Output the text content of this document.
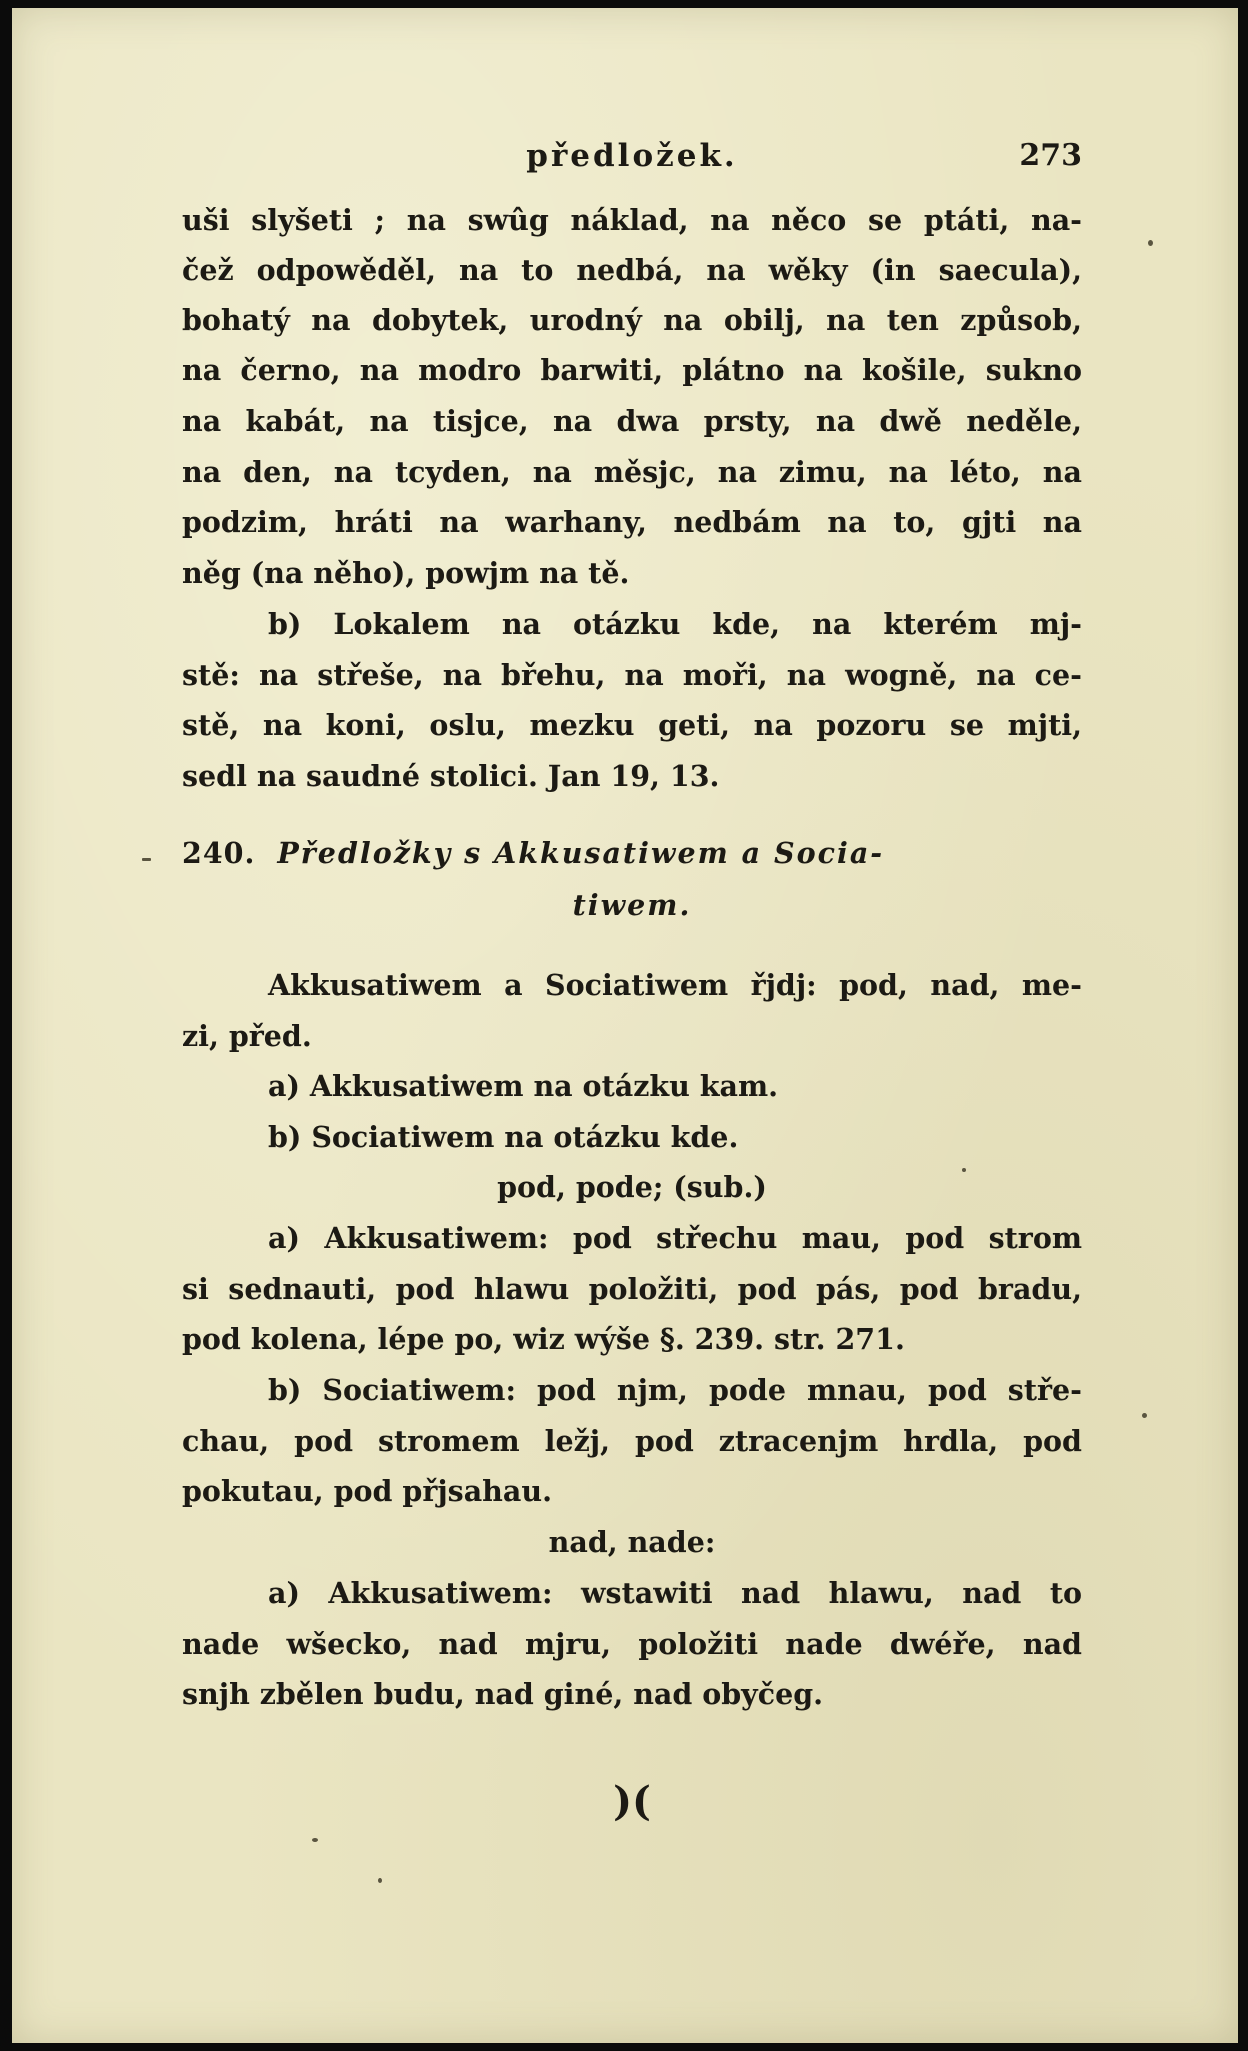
předložek.	273
uši slyšeti ; na swûg náklad, na něco se ptáti, na-
čež odpowěděl, na to nedbá, na wěky (in saecula),
bohatý na dobytek, urodný na obilj, na ten způsob,
na černo, na modro barwiti, plátno na košile, sukno
na kabát, na tisjce, na dwa prsty, na dwě neděle,
na den, na tcyden, na měsjc, na zimu, na léto, na
podzim, hráti na warhany, nedbám na to, gjti na
něg (na něho), powjm na tě.
b) Lokalem na otázku kde, na kterém mj-
stě: na střeše, na břehu, na moři, na wogně, na ce-
stě, na koni, oslu, mezku geti, na pozoru se mjti,
sedl na saudné stolici. Jan 19, 13.
240. Předložky s Akkusatiwem a Socia-
tiwem.
Akkusatiwem a Sociatiwem řjdj: pod, nad, me-
zi, před.
a) Akkusatiwem na otázku kam.
b) Sociatiwem na otázku kde.
pod, pode; (sub.)
a) Akkusatiwem: pod střechu mau, pod strom
si sednauti, pod hlawu položiti, pod pás, pod bradu,
pod kolena, lépe po, wiz wýše §. 239. str. 271.
b) Sociatiwem: pod njm, pode mnau, pod stře-
chau, pod stromem ležj, pod ztracenjm hrdla, pod
pokutau, pod přjsahau.
nad, nade:
a) Akkusatiwem: wstawiti nad hlawu, nad to
nade wšecko, nad mjru, položiti nade dwéře, nad
snjh zbělen budu, nad giné, nad obyčeg.
)(
